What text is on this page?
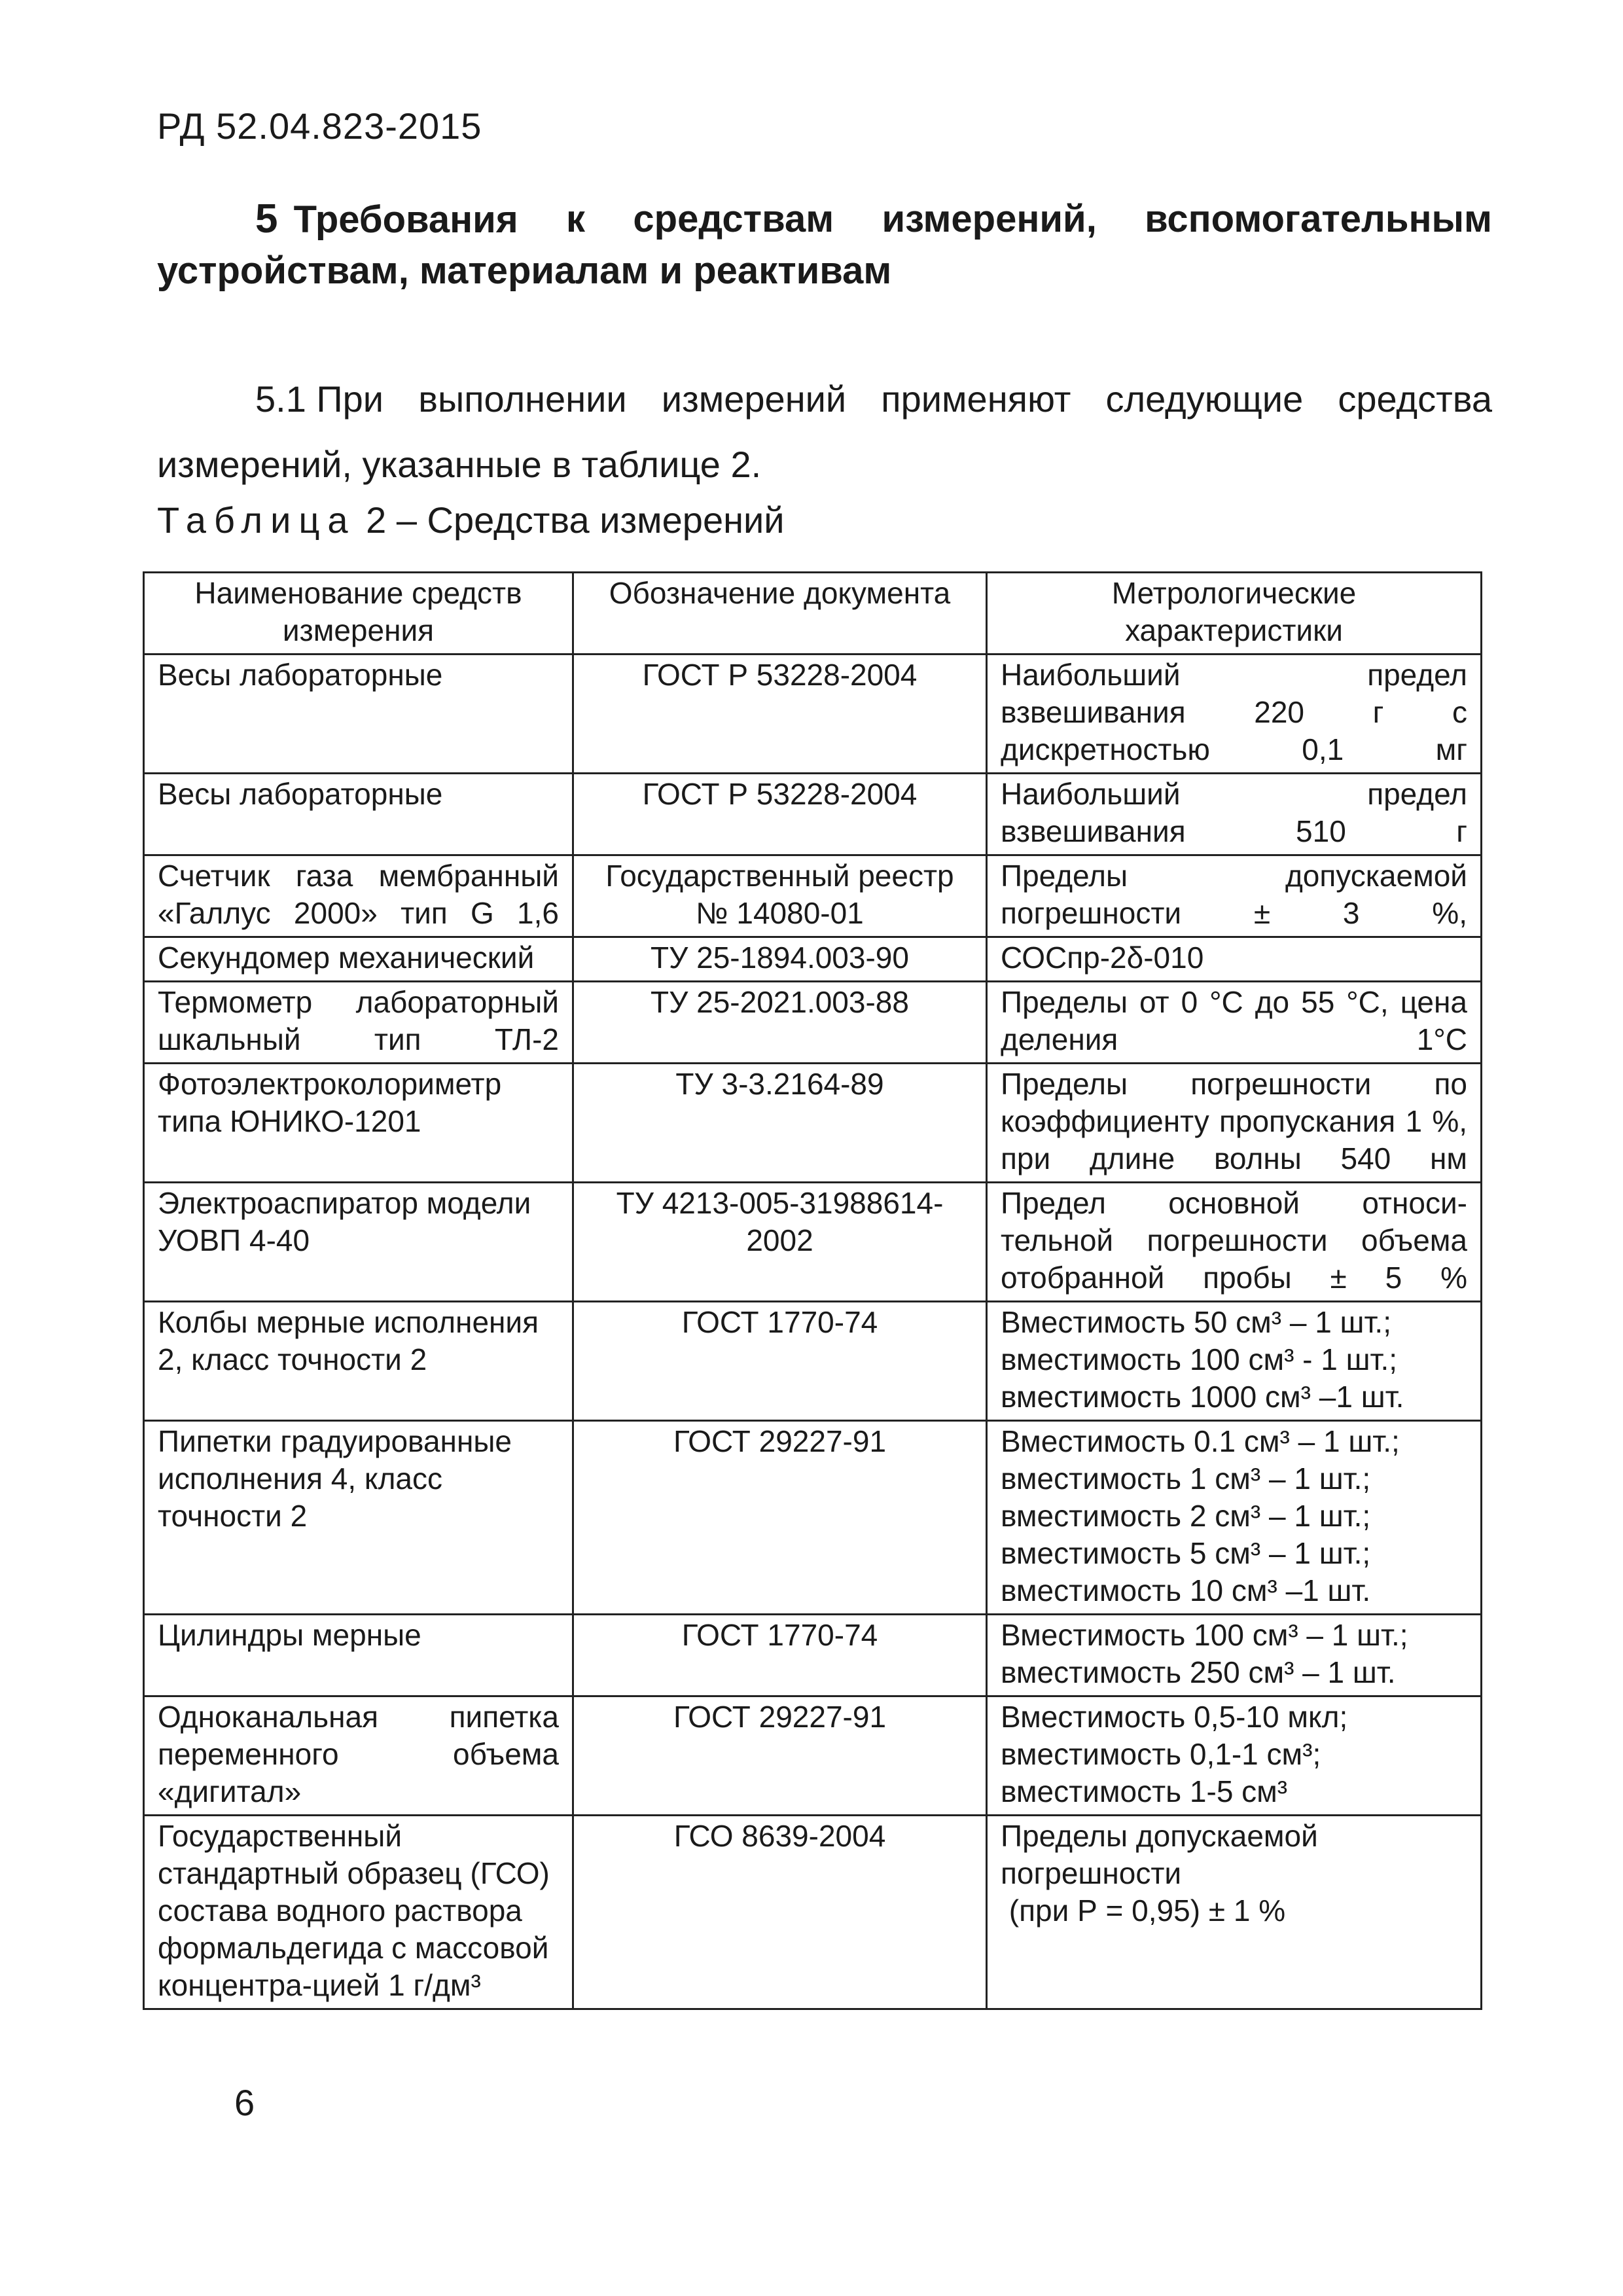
РД 52.04.823-2015
5 Требования к средствам измерений, вспомогательным
устройствам, материалам и реактивам
5.1 При выполнении измерений применяют следующие средства
измерений, указанные в таблице 2.
Таблица 2 – Средства измерений
Наименование средств измерения	Обозначение документа	Метрологические характеристики
Весы лабораторные	ГОСТ Р 53228-2004	Наибольший предел взвешивания 220 г с дискретностью 0,1 мг
Весы лабораторные	ГОСТ Р 53228-2004	Наибольший предел взвешивания 510 г
Счетчик газа мембранный «Галлус 2000» тип G 1,6	Государственный реестр № 14080-01	Пределы допускаемой погрешности ± 3 %,
Секундомер механический	ТУ 25-1894.003-90	СОСпр-2δ-010
Термометр лабораторный шкальный тип ТЛ-2	ТУ 25-2021.003-88	Пределы от 0 °С до 55 °С, цена деления 1°С
Фотоэлектроколориметр типа ЮНИКО-1201	ТУ 3-3.2164-89	Пределы погрешности по коэффициенту пропускания 1 %, при длине волны 540 нм
Электроаспиратор модели УОВП 4-40	ТУ 4213-005-31988614-2002	Предел основной относи-тельной погрешности объема отобранной пробы ± 5 %
Колбы мерные исполнения 2, класс точности 2	ГОСТ 1770-74	Вместимость 50 см³ – 1 шт.;
вместимость 100 см³ - 1 шт.;
вместимость 1000 см³ –1 шт.

Пипетки градуированные исполнения 4, класс точности 2	ГОСТ 29227-91	Вместимость 0.1 см³ – 1 шт.;
вместимость 1 см³ – 1 шт.;
вместимость 2 см³ – 1 шт.;
вместимость 5 см³ – 1 шт.;
вместимость 10 см³ –1 шт.

Цилиндры мерные	ГОСТ 1770-74	Вместимость 100 см³ – 1 шт.;
вместимость 250 см³ – 1 шт.

Одноканальная пипетка переменного объема «дигитал»	ГОСТ 29227-91	Вместимость 0,5-10 мкл;
вместимость 0,1-1 см³;
вместимость 1-5 см³

Государственный стандартный образец (ГСО) состава водного раствора формальдегида с массовой концентра-цией 1 г/дм³	ГСО 8639-2004	Пределы допускаемой
погрешности
(при Р = 0,95) ± 1 %
6
